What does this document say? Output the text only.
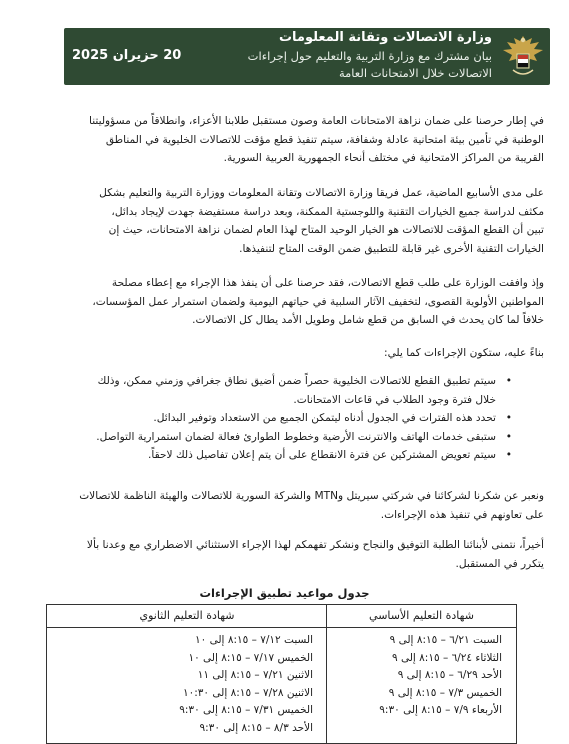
وزارة الاتصالات وتقانة المعلومات
بيان مشترك مع وزارة التربية والتعليم حول إجراءات
الاتصالات خلال الامتحانات العامة
20 حزيران 2025
في إطار حرصنا على ضمان نزاهة الامتحانات العامة وصون مستقبل طلابنا الأعزاء، وانطلاقاً من مسؤوليتنا
الوطنية في تأمين بيئة امتحانية عادلة وشفافة، سيتم تنفيذ قطع مؤقت للاتصالات الخليوية في المناطق
القريبة من المراكز الامتحانية في مختلف أنحاء الجمهورية العربية السورية.
على مدى الأسابيع الماضية، عمل فريقا وزارة الاتصالات وتقانة المعلومات ووزارة التربية والتعليم بشكل
مكثف لدراسة جميع الخيارات التقنية واللوجستية الممكنة، وبعد دراسة مستفيضة جهدت لإيجاد بدائل،
تبين أن القطع المؤقت للاتصالات هو الخيار الوحيد المتاح لهذا العام لضمان نزاهة الامتحانات، حيث إن
الخيارات التقنية الأخرى غير قابلة للتطبيق ضمن الوقت المتاح لتنفيذها.
وإذ وافقت الوزارة على طلب قطع الاتصالات، فقد حرصنا على أن ينفذ هذا الإجراء مع إعطاء مصلحة
المواطنين الأولوية القصوى، لتخفيف الآثار السلبية في حياتهم اليومية ولضمان استمرار عمل المؤسسات،
خلافاً لما كان يحدث في السابق من قطع شامل وطويل الأمد يطال كل الاتصالات.
بناءً عليه، ستكون الإجراءات كما يلي:
•
سيتم تطبيق القطع للاتصالات الخليوية حصراً ضمن أضيق نطاق جغرافي وزمني ممكن، وذلك
خلال فترة وجود الطلاب في قاعات الامتحانات.
•
تحدد هذه الفترات في الجدول أدناه ليتمكن الجميع من الاستعداد وتوفير البدائل.
•
ستبقى خدمات الهاتف والانترنت الأرضية وخطوط الطوارئ فعالة لضمان استمرارية التواصل.
•
سيتم تعويض المشتركين عن فترة الانقطاع على أن يتم إعلان تفاصيل ذلك لاحقاً.
ونعبر عن شكرنا لشركائنا في شركتي سيريتل وMTN والشركة السورية للاتصالات والهيئة الناظمة للاتصالات
على تعاونهم في تنفيذ هذه الإجراءات.
أخيراً، نتمنى لأبنائنا الطلبة التوفيق والنجاح ونشكر تفهمكم لهذا الإجراء الاستثنائي الاضطراري مع وعدنا بألا
يتكرر في المستقبل.
جدول مواعيد تطبيق الإجراءات
شهادة التعليم الأساسي
السبت ٦/٢١ – ٨:١٥ إلى ٩
الثلاثاء ٦/٢٤ – ٨:١٥ إلى ٩
الأحد ٦/٢٩ – ٨:١٥ إلى ٩
الخميس ٧/٣ – ٨:١٥ إلى ٩
الأربعاء ٧/٩ – ٨:١٥ إلى ٩:٣٠
شهادة التعليم الثانوي
السبت ٧/١٢ – ٨:١٥ إلى ١٠
الخميس ٧/١٧ – ٨:١٥ إلى ١٠
الاثنين ٧/٢١ – ٨:١٥ إلى ١١
الاثنين ٧/٢٨ – ٨:١٥ إلى ١٠:٣٠
الخميس ٧/٣١ – ٨:١٥ إلى ٩:٣٠
الأحد ٨/٣ – ٨:١٥ إلى ٩:٣٠
